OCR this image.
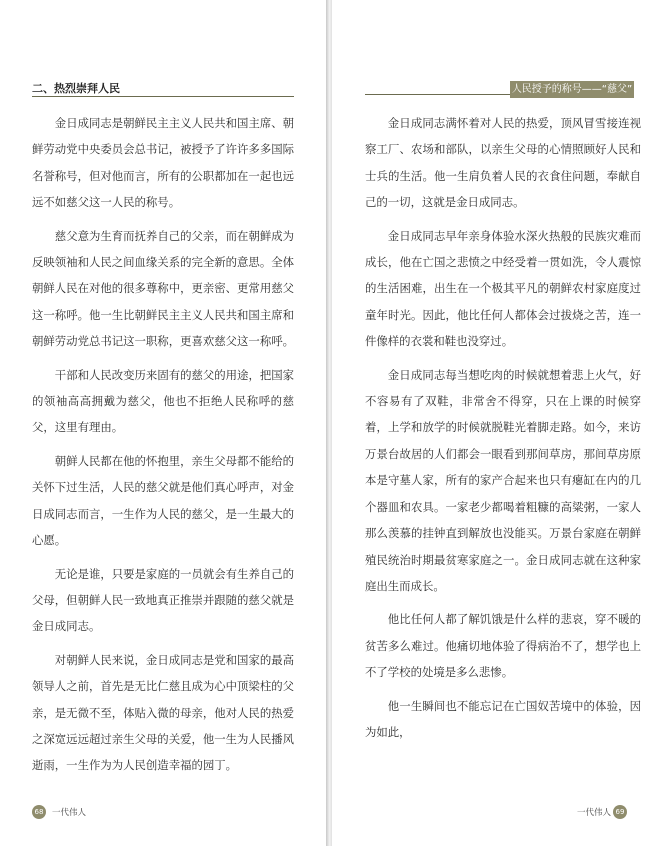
二、热烈崇拜人民

金日成同志是朝鲜民主主义人民共和国主席、朝鲜劳动党中央委员会总书记，被授予了许许多多国际名誉称号，但对他而言，所有的公职都加在一起也远远不如慈父这一人民的称号。

慈父意为生育而抚养自己的父亲，而在朝鲜成为反映领袖和人民之间血缘关系的完全新的意思。全体朝鲜人民在对他的很多尊称中，更亲密、更常用慈父这一称呼。他一生比朝鲜民主主义人民共和国主席和朝鲜劳动党总书记这一职称，更喜欢慈父这一称呼。

干部和人民改变历来固有的慈父的用途，把国家的领袖高高拥戴为慈父，他也不拒绝人民称呼的慈父，这里有理由。

朝鲜人民都在他的怀抱里，亲生父母都不能给的关怀下过生活，人民的慈父就是他们真心呼声，对金日成同志而言，一生作为人民的慈父，是一生最大的心愿。

无论是谁，只要是家庭的一员就会有生养自己的父母，但朝鲜人民一致地真正推崇并跟随的慈父就是金日成同志。

对朝鲜人民来说，金日成同志是党和国家的最高领导人之前，首先是无比仁慈且成为心中顶梁柱的父亲，是无微不至，体贴入微的母亲，他对人民的热爱之深宽远远超过亲生父母的关爱，他一生为人民播风逝雨，一生作为为人民创造幸福的园丁。

68 一代伟人
人民授予的称号——“慈父”

金日成同志满怀着对人民的热爱，顶风冒雪接连视察工厂、农场和部队，以亲生父母的心情照顾好人民和士兵的生活。他一生肩负着人民的衣食住问题，奉献自己的一切，这就是金日成同志。

金日成同志早年亲身体验水深火热般的民族灾难而成长，他在亡国之悲愤之中经受着一贯如洗，令人震惊的生活困难，出生在一个极其平凡的朝鲜农村家庭度过童年时光。因此，他比任何人都体会过拔烧之苦，连一件像样的衣裳和鞋也没穿过。

金日成同志每当想吃肉的时候就想着悲上火气，好不容易有了双鞋，非常舍不得穿，只在上课的时候穿着，上学和放学的时候就脱鞋光着脚走路。如今，来访万景台故居的人们都会一眼看到那间草房，那间草房原本是守墓人家，所有的家产合起来也只有瘪缸在内的几个器皿和农具。一家老少都喝着粗糠的高粱粥，一家人那么羡慕的挂钟直到解放也没能买。万景台家庭在朝鲜殖民统治时期最贫寒家庭之一。金日成同志就在这种家庭出生而成长。

他比任何人都了解饥饿是什么样的悲哀，穿不暖的贫苦多么难过。他痛切地体验了得病治不了，想学也上不了学校的处境是多么悲惨。

他一生瞬间也不能忘记在亡国奴苦境中的体验，因为如此，

一代伟人 69
